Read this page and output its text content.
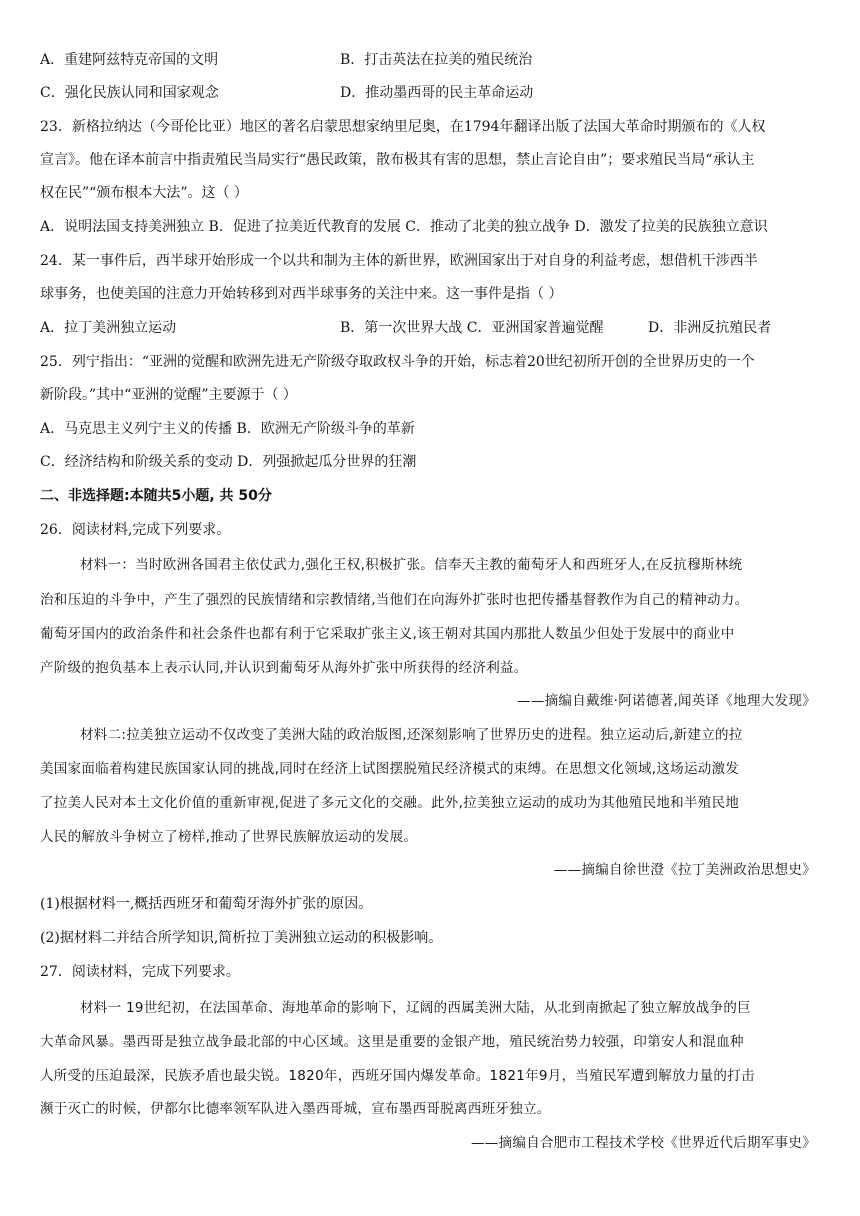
A．重建阿兹特克帝国的文明	B．打击英法在拉美的殖民统治
C．强化民族认同和国家观念	D．推动墨西哥的民主革命运动
23．新格拉纳达（今哥伦比亚）地区的著名启蒙思想家纳里尼奥，在1794年翻译出版了法国大革命时期颁布的《人权
宣言》。他在译本前言中指责殖民当局实行“愚民政策，散布极其有害的思想，禁止言论自由”；要求殖民当局“承认主
权在民”“颁布根本大法”。这（ ）
A．说明法国支持美洲独立 B．促进了拉美近代教育的发展 C．推动了北美的独立战争 D．激发了拉美的民族独立意识
24．某一事件后，西半球开始形成一个以共和制为主体的新世界，欧洲国家出于对自身的利益考虑，想借机干涉西半
球事务，也使美国的注意力开始转移到对西半球事务的关注中来。这一事件是指（ ）
A．拉丁美洲独立运动	B．第一次世界大战 C．亚洲国家普遍觉醒	D．非洲反抗殖民者
25．列宁指出：“亚洲的觉醒和欧洲先进无产阶级夺取政权斗争的开始，标志着20世纪初所开创的全世界历史的一个
新阶段。”其中“亚洲的觉醒”主要源于（ ）
A．马克思主义列宁主义的传播 B．欧洲无产阶级斗争的革新
C．经济结构和阶级关系的变动 D．列强掀起瓜分世界的狂潮
二、非选择题:本随共5小题, 共 50分
26．阅读材料,完成下列要求。
材料一：当时欧洲各国君主依仗武力,强化王权,积极扩张。信奉天主教的葡萄牙人和西班牙人,在反抗穆斯林统
治和压迫的斗争中，产生了强烈的民族情绪和宗教情绪,当他们在向海外扩张时也把传播基督教作为自己的精神动力。
葡萄牙国内的政治条件和社会条件也都有利于它采取扩张主义,该王朝对其国内那批人数虽少但处于发展中的商业中
产阶级的抱负基本上表示认同,并认识到葡萄牙从海外扩张中所获得的经济利益。
——摘编自戴维·阿诺德著,闻英译《地理大发现》
材料二:拉美独立运动不仅改变了美洲大陆的政治版图,还深刻影响了世界历史的进程。独立运动后,新建立的拉
美国家面临着构建民族国家认同的挑战,同时在经济上试图摆脱殖民经济模式的束缚。在思想文化领域,这场运动激发
了拉美人民对本土文化价值的重新审视,促进了多元文化的交融。此外,拉美独立运动的成功为其他殖民地和半殖民地
人民的解放斗争树立了榜样,推动了世界民族解放运动的发展。
——摘编自徐世澄《拉丁美洲政治思想史》
(1)根据材料一,概括西班牙和葡萄牙海外扩张的原因。
(2)据材料二并结合所学知识,简析拉丁美洲独立运动的积极影响。
27．阅读材料，完成下列要求。
材料一 19世纪初，在法国革命、海地革命的影响下，辽阔的西属美洲大陆，从北到南掀起了独立解放战争的巨
大革命风暴。墨西哥是独立战争最北部的中心区域。这里是重要的金银产地，殖民统治势力较强，印第安人和混血种
人所受的压迫最深，民族矛盾也最尖锐。1820年，西班牙国内爆发革命。1821年9月，当殖民军遭到解放力量的打击
濒于灭亡的时候，伊都尔比德率领军队进入墨西哥城，宣布墨西哥脱离西班牙独立。
——摘编自合肥市工程技术学校《世界近代后期军事史》
